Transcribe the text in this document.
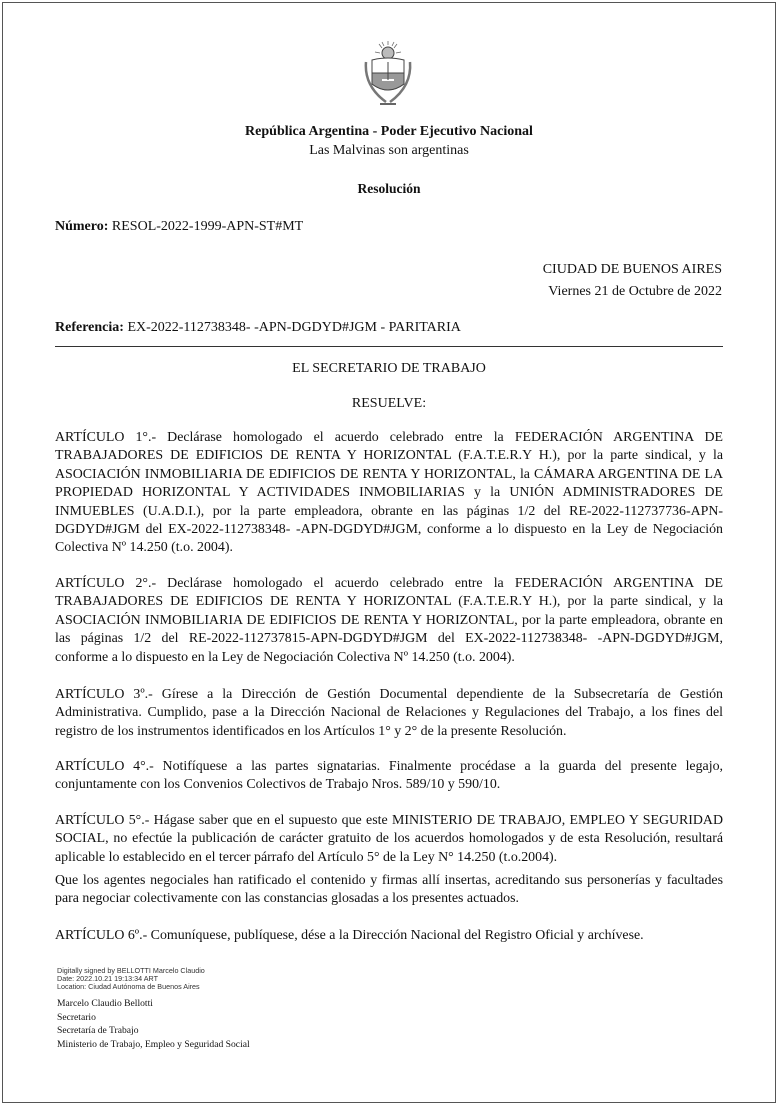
República Argentina - Poder Ejecutivo Nacional
Las Malvinas son argentinas
Resolución
Número: RESOL-2022-1999-APN-ST#MT
CIUDAD DE BUENOS AIRES
Viernes 21 de Octubre de 2022
Referencia: EX-2022-112738348- -APN-DGDYD#JGM - PARITARIA
EL SECRETARIO DE TRABAJO
RESUELVE:

ARTÍCULO 1°.- Declárase homologado el acuerdo celebrado entre la FEDERACIÓN ARGENTINA DE TRABAJADORES DE EDIFICIOS DE RENTA Y HORIZONTAL (F.A.T.E.R.Y H.), por la parte sindical, y la ASOCIACIÓN INMOBILIARIA DE EDIFICIOS DE RENTA Y HORIZONTAL, la CÁMARA ARGENTINA DE LA PROPIEDAD HORIZONTAL Y ACTIVIDADES INMOBILIARIAS y la UNIÓN ADMINISTRADORES DE INMUEBLES (U.A.D.I.), por la parte empleadora, obrante en las páginas 1/2 del RE-2022-112737736-APN-DGDYD#JGM del EX-2022-112738348- -APN-DGDYD#JGM, conforme a lo dispuesto en la Ley de Negociación Colectiva Nº 14.250 (t.o. 2004).

ARTÍCULO 2°.- Declárase homologado el acuerdo celebrado entre la FEDERACIÓN ARGENTINA DE TRABAJADORES DE EDIFICIOS DE RENTA Y HORIZONTAL (F.A.T.E.R.Y H.), por la parte sindical, y la ASOCIACIÓN INMOBILIARIA DE EDIFICIOS DE RENTA Y HORIZONTAL, por la parte empleadora, obrante en las páginas 1/2 del RE-2022-112737815-APN-DGDYD#JGM del EX-2022-112738348- -APN-DGDYD#JGM, conforme a lo dispuesto en la Ley de Negociación Colectiva Nº 14.250 (t.o. 2004).

ARTÍCULO 3º.- Gírese a la Dirección de Gestión Documental dependiente de la Subsecretaría de Gestión Administrativa. Cumplido, pase a la Dirección Nacional de Relaciones y Regulaciones del Trabajo, a los fines del registro de los instrumentos identificados en los Artículos 1° y 2° de la presente Resolución.

ARTÍCULO 4°.- Notifíquese a las partes signatarias. Finalmente procédase a la guarda del presente legajo, conjuntamente con los Convenios Colectivos de Trabajo Nros. 589/10 y 590/10.

ARTÍCULO 5°.- Hágase saber que en el supuesto que este MINISTERIO DE TRABAJO, EMPLEO Y SEGURIDAD SOCIAL, no efectúe la publicación de carácter gratuito de los acuerdos homologados y de esta Resolución, resultará aplicable lo establecido en el tercer párrafo del Artículo 5° de la Ley N° 14.250 (t.o.2004).

Que los agentes negociales han ratificado el contenido y firmas allí insertas, acreditando sus personerías y facultades para negociar colectivamente con las constancias glosadas a los presentes actuados.

ARTÍCULO 6º.- Comuníquese, publíquese, dése a la Dirección Nacional del Registro Oficial y archívese.

Digitally signed by BELLOTTI Marcelo Claudio
Date: 2022.10.21 19:13:34 ART
Location: Ciudad Autónoma de Buenos Aires
Marcelo Claudio Bellotti
Secretario
Secretaría de Trabajo
Ministerio de Trabajo, Empleo y Seguridad Social
